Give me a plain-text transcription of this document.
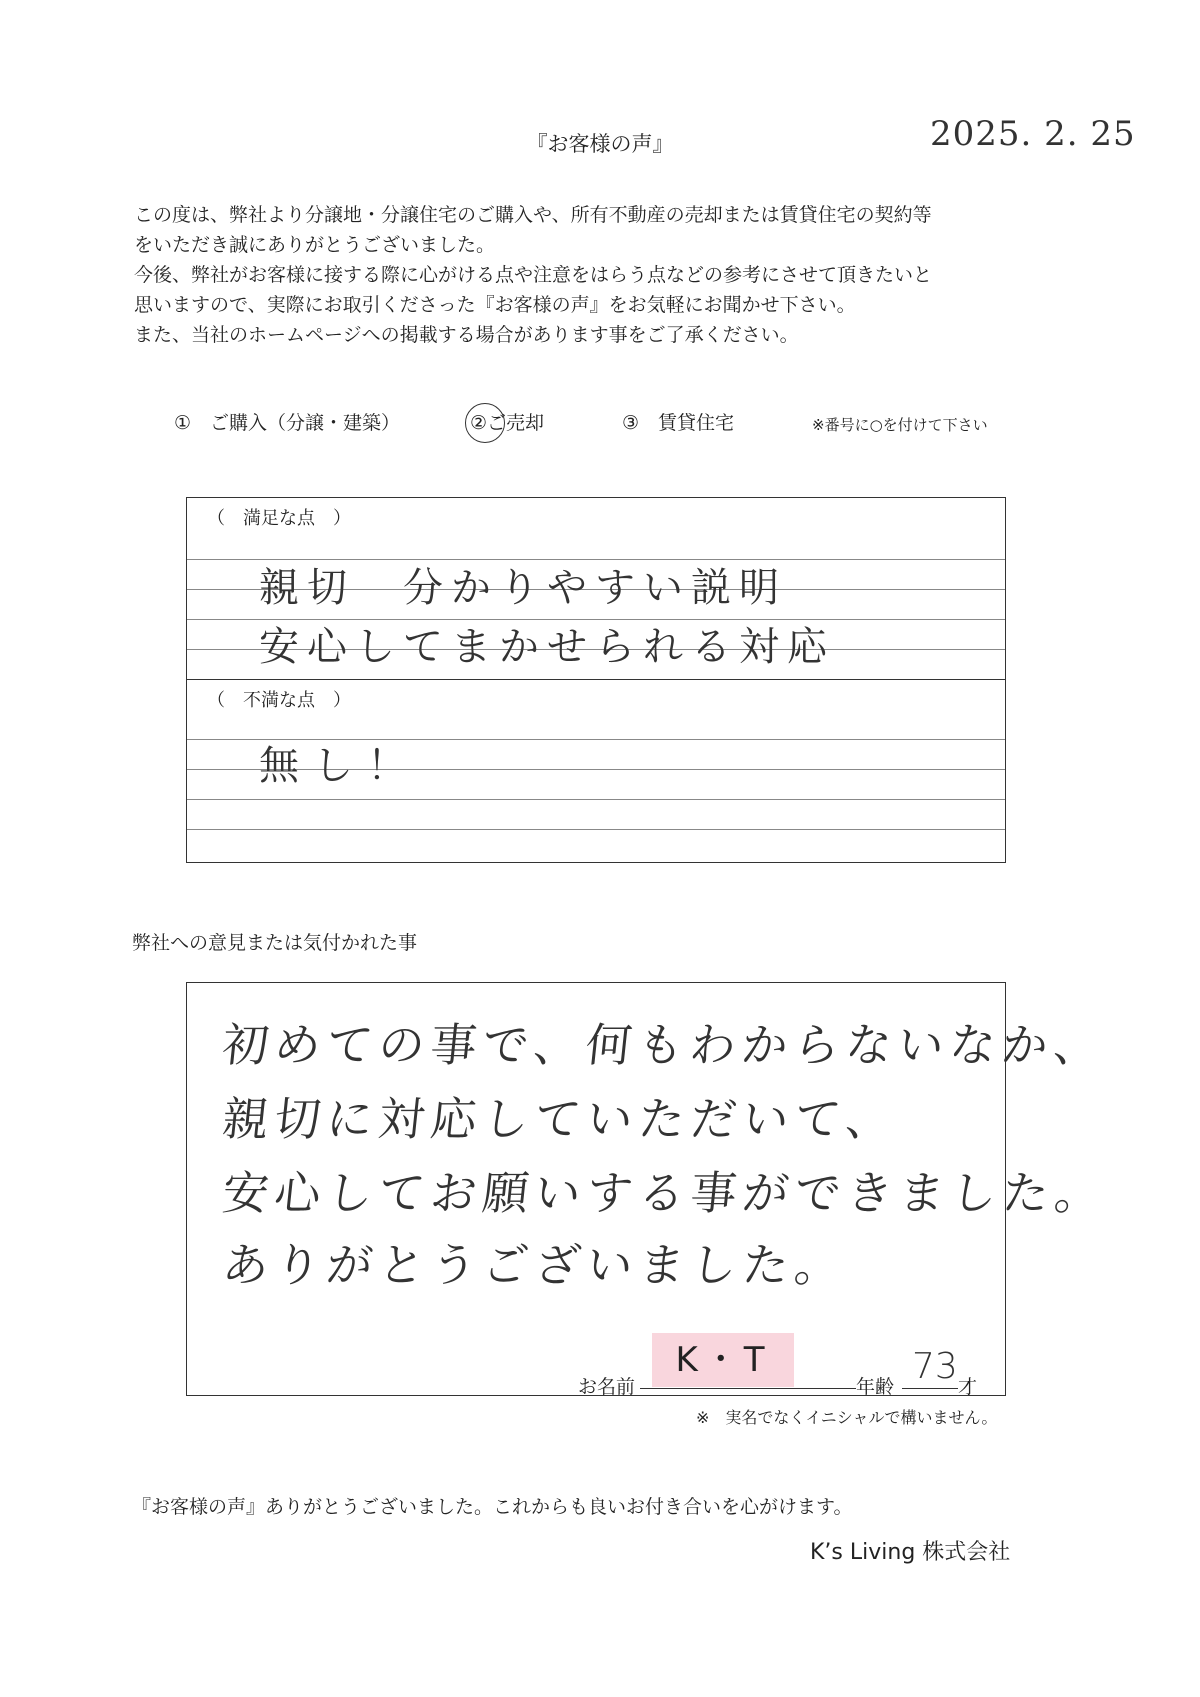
『お客様の声』	2025. 2. 25
この度は、弊社より分譲地・分譲住宅のご購入や、所有不動産の売却または賃貸住宅の契約等
をいただき誠にありがとうございました。
今後、弊社がお客様に接する際に心がける点や注意をはらう点などの参考にさせて頂きたいと
思いますので、実際にお取引くださった『お客様の声』をお気軽にお聞かせ下さい。
また、当社のホームページへの掲載する場合があります事をご了承ください。
①　ご購入（分譲・建築）	②ご売却	③　賃貸住宅	※番号に○を付けて下さい
（　満足な点　）
親切　分かりやすい説明
安心してまかせられる対応
（　不満な点　）
無し！
弊社への意見または気付かれた事
初めての事で、何もわからないなか、
親切に対応していただいて、
安心してお願いする事ができました。
ありがとうございました。
K・T
お名前	年齢 73 才
※　実名でなくイニシャルで構いません。
『お客様の声』ありがとうございました。これからも良いお付き合いを心がけます。
K’s Living 株式会社
